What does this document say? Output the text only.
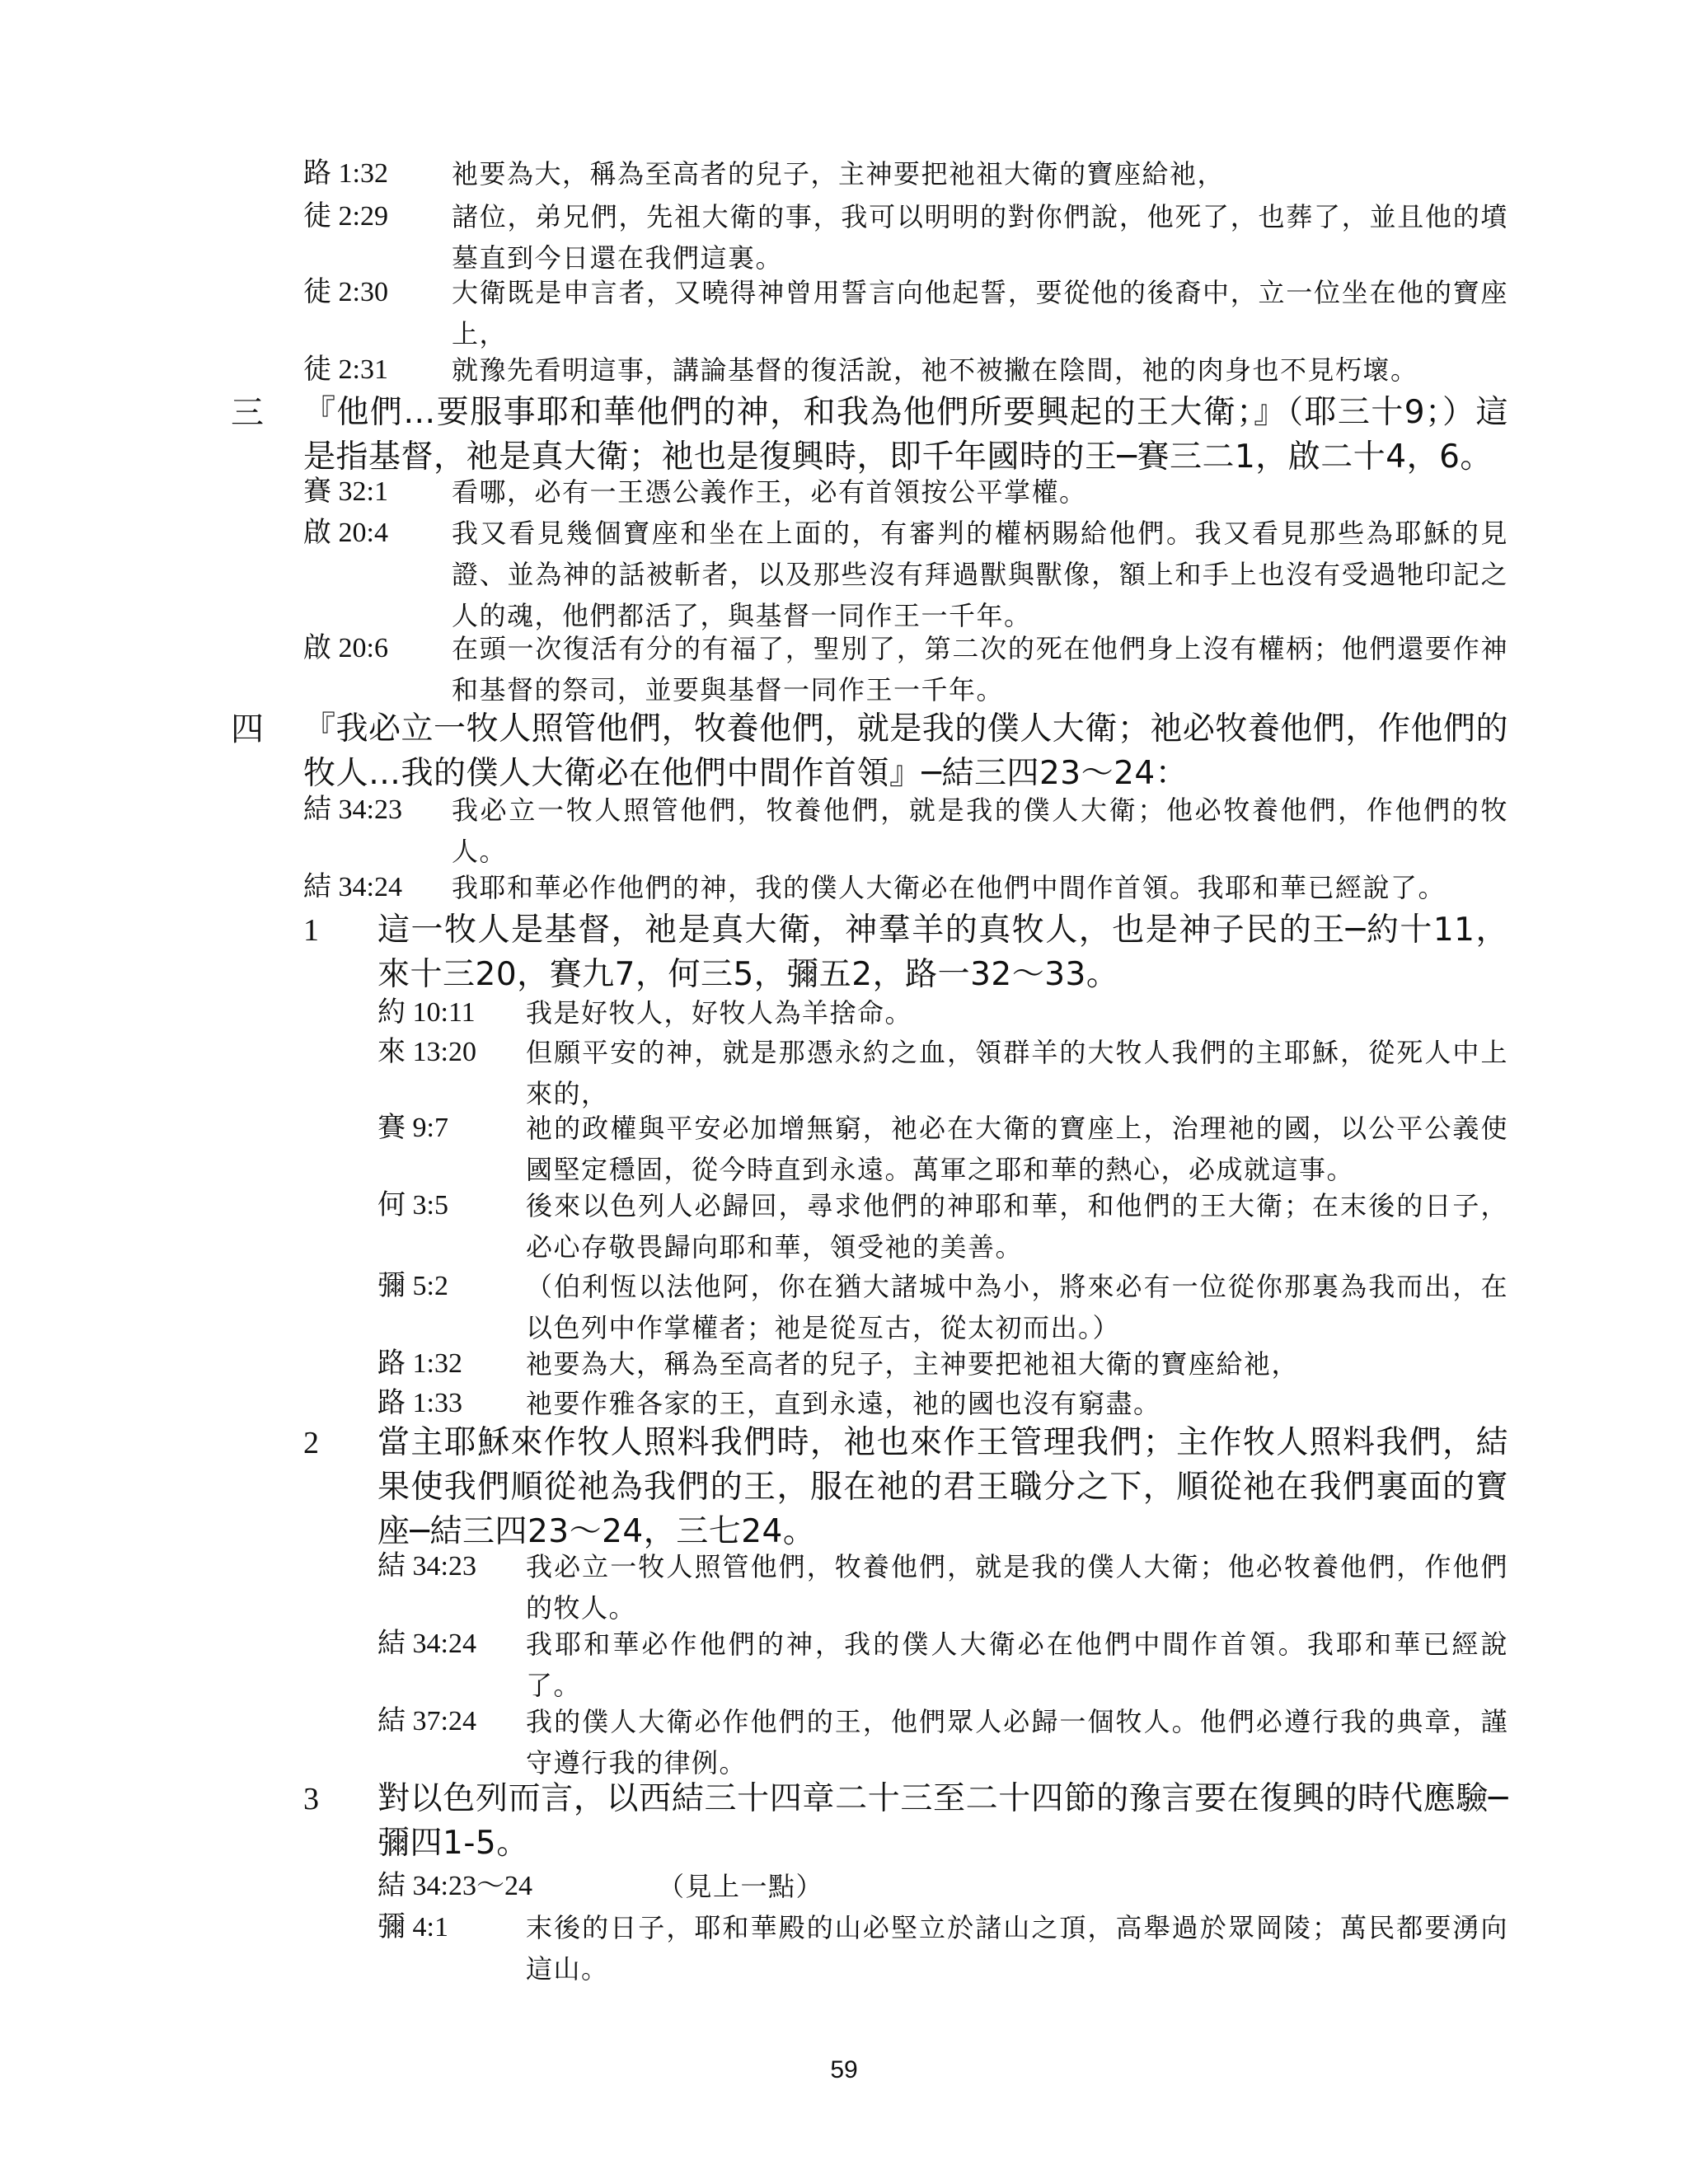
路 1:32	祂要為大，稱為至高者的兒子，主神要把祂祖大衛的寶座給祂，
徒 2:29	諸位，弟兄們，先祖大衛的事，我可以明明的對你們說，他死了，也葬了，並且他的墳墓直到今日還在我們這裏。
徒 2:30	大衛既是申言者，又曉得神曾用誓言向他起誓，要從他的後裔中，立一位坐在他的寶座上，
徒 2:31	就豫先看明這事，講論基督的復活說，祂不被撇在陰間，祂的肉身也不見朽壞。
三	『他們…要服事耶和華他們的神，和我為他們所要興起的王大衛；』（耶三十9；）這是指基督，祂是真大衛；祂也是復興時，即千年國時的王─賽三二1，啟二十4，6。
賽 32:1	看哪，必有一王憑公義作王，必有首領按公平掌權。
啟 20:4	我又看見幾個寶座和坐在上面的，有審判的權柄賜給他們。我又看見那些為耶穌的見證、並為神的話被斬者，以及那些沒有拜過獸與獸像，額上和手上也沒有受過牠印記之人的魂，他們都活了，與基督一同作王一千年。
啟 20:6	在頭一次復活有分的有福了，聖別了，第二次的死在他們身上沒有權柄；他們還要作神和基督的祭司，並要與基督一同作王一千年。
四	『我必立一牧人照管他們，牧養他們，就是我的僕人大衛；祂必牧養他們，作他們的牧人…我的僕人大衛必在他們中間作首領』─結三四23～24：
結 34:23	我必立一牧人照管他們，牧養他們，就是我的僕人大衛；他必牧養他們，作他們的牧人。
結 34:24	我耶和華必作他們的神，我的僕人大衛必在他們中間作首領。我耶和華已經說了。
1	這一牧人是基督，祂是真大衛，神羣羊的真牧人，也是神子民的王─約十11，來十三20，賽九7，何三5，彌五2，路一32～33。
約 10:11	我是好牧人，好牧人為羊捨命。
來 13:20	但願平安的神，就是那憑永約之血，領群羊的大牧人我們的主耶穌，從死人中上來的，
賽 9:7	祂的政權與平安必加增無窮，祂必在大衛的寶座上，治理祂的國，以公平公義使國堅定穩固，從今時直到永遠。萬軍之耶和華的熱心，必成就這事。
何 3:5	後來以色列人必歸回，尋求他們的神耶和華，和他們的王大衛；在末後的日子，必心存敬畏歸向耶和華，領受祂的美善。
彌 5:2	（伯利恆以法他阿，你在猶大諸城中為小，將來必有一位從你那裏為我而出，在以色列中作掌權者；祂是從亙古，從太初而出。）
路 1:32	祂要為大，稱為至高者的兒子，主神要把祂祖大衛的寶座給祂，
路 1:33	祂要作雅各家的王，直到永遠，祂的國也沒有窮盡。
2	當主耶穌來作牧人照料我們時，祂也來作王管理我們；主作牧人照料我們，結果使我們順從祂為我們的王，服在祂的君王職分之下，順從祂在我們裏面的寶座─結三四23～24，三七24。
結 34:23	我必立一牧人照管他們，牧養他們，就是我的僕人大衛；他必牧養他們，作他們的牧人。
結 34:24	我耶和華必作他們的神，我的僕人大衛必在他們中間作首領。我耶和華已經說了。
結 37:24	我的僕人大衛必作他們的王，他們眾人必歸一個牧人。他們必遵行我的典章，謹守遵行我的律例。
3	對以色列而言，以西結三十四章二十三至二十四節的豫言要在復興的時代應驗─彌四1-5。
結 34:23～24	（見上一點）
彌 4:1	末後的日子，耶和華殿的山必堅立於諸山之頂，高舉過於眾岡陵；萬民都要湧向這山。
59
